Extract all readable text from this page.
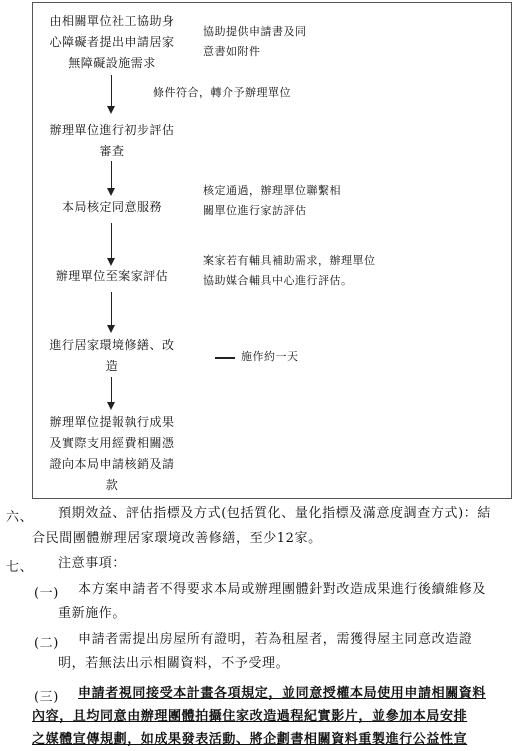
由相關單位社工協助身
心障礙者提出申請居家
無障礙設施需求
協助提供申請書及同
意書如附件
條件符合，轉介予辦理單位
辦理單位進行初步評估
審查
本局核定同意服務
核定通過，辦理單位聯繫相
關單位進行家訪評估
辦理單位至案家評估
案家若有輔具補助需求，辦理單位
協助媒合輔具中心進行評估。
進行居家環境修繕、改
造
施作約一天
辦理單位提報執行成果
及實際支用經費相關憑
證向本局申請核銷及請
款
六、 預期效益、評估指標及方式(包括質化、量化指標及滿意度調查方式)：結
合民間團體辦理居家環境改善修繕，至少12家。
七、 注意事項：
(一) 本方案申請者不得要求本局或辦理團體針對改造成果進行後續維修及
重新施作。
(二) 申請者需提出房屋所有證明，若為租屋者，需獲得屋主同意改造證
明，若無法出示相關資料，不予受理。
(三) 申請者視同接受本計畫各項規定，並同意授權本局使用申請相關資料
內容，且均同意由辦理團體拍攝住家改造過程紀實影片，並參加本局安排
之媒體宣傳規劃，如成果發表活動、將企劃書相關資料重製進行公益性宣
